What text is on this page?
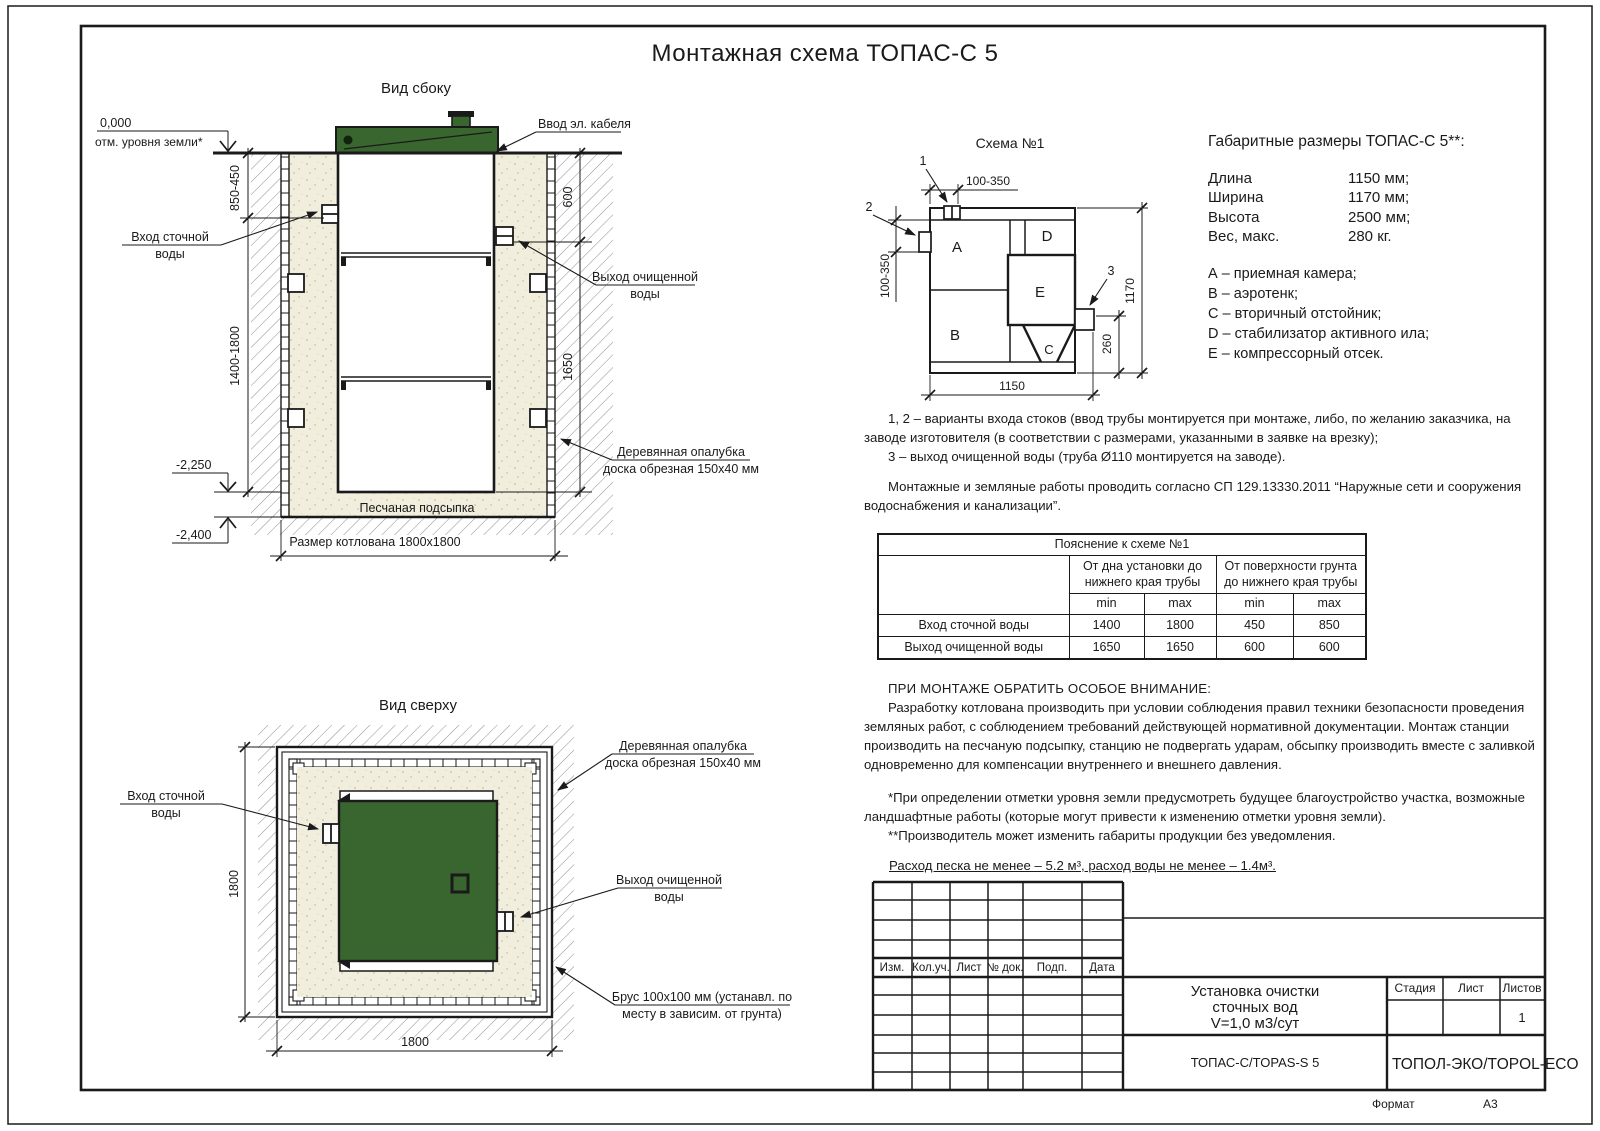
Вид сбоку
850-450
1400-1800
0,000
отм. уровня земли*
-2,250
-2,400
600
1650
Размер котлована 1800х1800
Вход сточной
воды
Ввод эл. кабеля
Выход очищенной
воды
Деревянная опалубка
доска обрезная 150х40 мм
Песчаная подсыпка
Вид сверху
1800
1800
Вход сточной
воды
Деревянная опалубка
доска обрезная 150х40 мм
Выход очищенной
воды
Брус 100х100 мм (устанавл. по
месту в зависим. от грунта)
Схема №1
A
B
C
D
E
100-350
100-350
1150
1170
260
1
2
3
Изм. Кол.уч. Лист № док. Подп. Дата
Установка очистки
сточных вод
V=1,0 м3/сут
Стадия Лист Листов
1
ТОПАС-С/TOPAS-S 5	ТОПОЛ-ЭКО/TOPOL-ECO
Формат	А3
Монтажная схема ТОПАС-С 5
Габаритные размеры ТОПАС-С 5**:
Длина	1150 мм;
Ширина	1170 мм;
Высота	2500 мм;
Вес, макс.	280 кг.
А – приемная камера;
В – аэротенк;
С – вторичный отстойник;
D – стабилизатор активного ила;
Е – компрессорный отсек.

1, 2 – варианты входа стоков (ввод трубы монтируется при монтаже, либо, по желанию заказчика, на заводе изготовителя (в соответствии с размерами, указанными в заявке на врезку);

3 – выход очищенной воды (труба Ø110 монтируется на заводе).

Монтажные и земляные работы проводить согласно СП 129.13330.2011 “Наружные сети и сооружения водоснабжения и канализации”.

Пояснение к схеме №1				
	От дна установки до нижнего края трубы		От поверхности грунта до нижнего края трубы	
	min	max	min	max
Вход сточной воды	1400	1800	450	850
Выход очищенной воды	1650	1650	600	600

ПРИ МОНТАЖЕ ОБРАТИТЬ ОСОБОЕ ВНИМАНИЕ:

Разработку котлована производить при условии соблюдения правил техники безопасности проведения земляных работ, с соблюдением требований действующей нормативной документации. Монтаж станции производить на песчаную подсыпку, станцию не подвергать ударам, обсыпку производить вместе с заливкой одновременно для компенсации внутреннего и внешнего давления.

*При определении отметки уровня земли предусмотреть будущее благоустройство участка, возможные ландшафтные работы (которые могут привести к изменению отметки уровня земли).

**Производитель может изменить габариты продукции без уведомления.

Расход песка не менее – 5.2 м³, расход воды не менее – 1.4м³.
